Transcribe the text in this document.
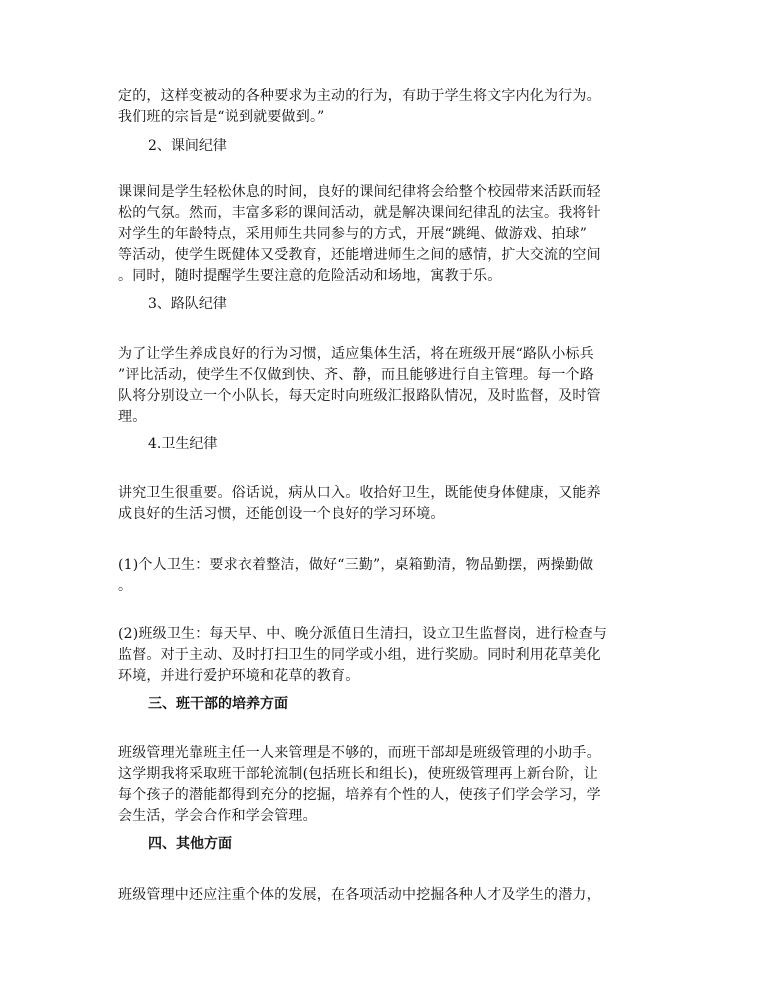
定的，这样变被动的各种要求为主动的行为，有助于学生将文字内化为行为。
我们班的宗旨是“说到就要做到。”

2、课间纪律

课课间是学生轻松休息的时间，良好的课间纪律将会给整个校园带来活跃而轻
松的气氛。然而，丰富多彩的课间活动，就是解决课间纪律乱的法宝。我将针
对学生的年龄特点，采用师生共同参与的方式，开展“跳绳、做游戏、拍球”
等活动，使学生既健体又受教育，还能增进师生之间的感情，扩大交流的空间
。同时，随时提醒学生要注意的危险活动和场地，寓教于乐。

3、路队纪律

为了让学生养成良好的行为习惯，适应集体生活，将在班级开展“路队小标兵
”评比活动，使学生不仅做到快、齐、静，而且能够进行自主管理。每一个路
队将分别设立一个小队长，每天定时向班级汇报路队情况，及时监督，及时管
理。

4.卫生纪律

讲究卫生很重要。俗话说，病从口入。收拾好卫生，既能使身体健康，又能养
成良好的生活习惯，还能创设一个良好的学习环境。

(1)个人卫生：要求衣着整洁，做好“三勤”，桌箱勤清，物品勤摆，两操勤做
。

(2)班级卫生：每天早、中、晚分派值日生清扫，设立卫生监督岗，进行检查与
监督。对于主动、及时打扫卫生的同学或小组，进行奖励。同时利用花草美化
环境，并进行爱护环境和花草的教育。

三、班干部的培养方面

班级管理光靠班主任一人来管理是不够的，而班干部却是班级管理的小助手。
这学期我将采取班干部轮流制(包括班长和组长)，使班级管理再上新台阶，让
每个孩子的潜能都得到充分的挖掘，培养有个性的人，使孩子们学会学习，学
会生活，学会合作和学会管理。

四、其他方面

班级管理中还应注重个体的发展，在各项活动中挖掘各种人才及学生的潜力，
